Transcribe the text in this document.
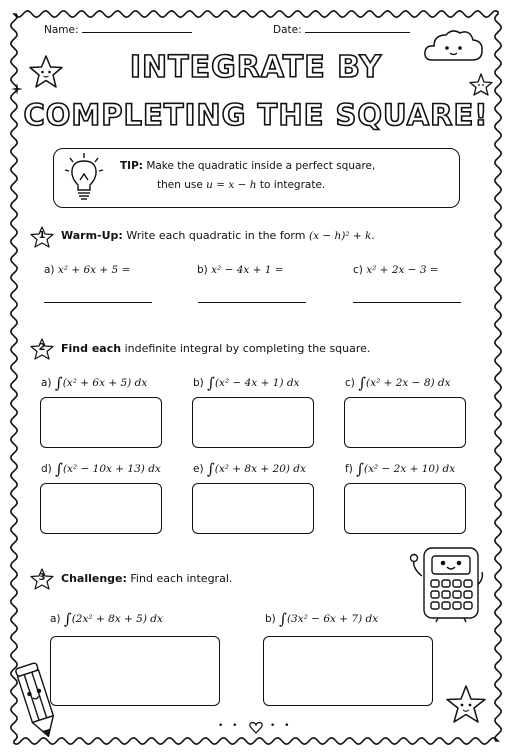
Name:	Date:
INTEGRATE BY
COMPLETING THE SQUARE!
TIP: Make the quadratic inside a perfect square,
then use u = x − h to integrate.
1	Warm-Up: Write each quadratic in the form (x − h)² + k.
a) x² + 6x + 5 =	b) x² − 4x + 1 =	c) x² + 2x − 3 =
2	Find each indefinite integral by completing the square.
a) ∫(x² + 6x + 5) dx	b) ∫(x² − 4x + 1) dx	c) ∫(x² + 2x − 8) dx
d) ∫(x² − 10x + 13) dx	e) ∫(x² + 8x + 20) dx	f) ∫(x² − 2x + 10) dx
3	Challenge: Find each integral.
a) ∫(2x² + 8x + 5) dx	b) ∫(3x² − 6x + 7) dx
• •	• •
